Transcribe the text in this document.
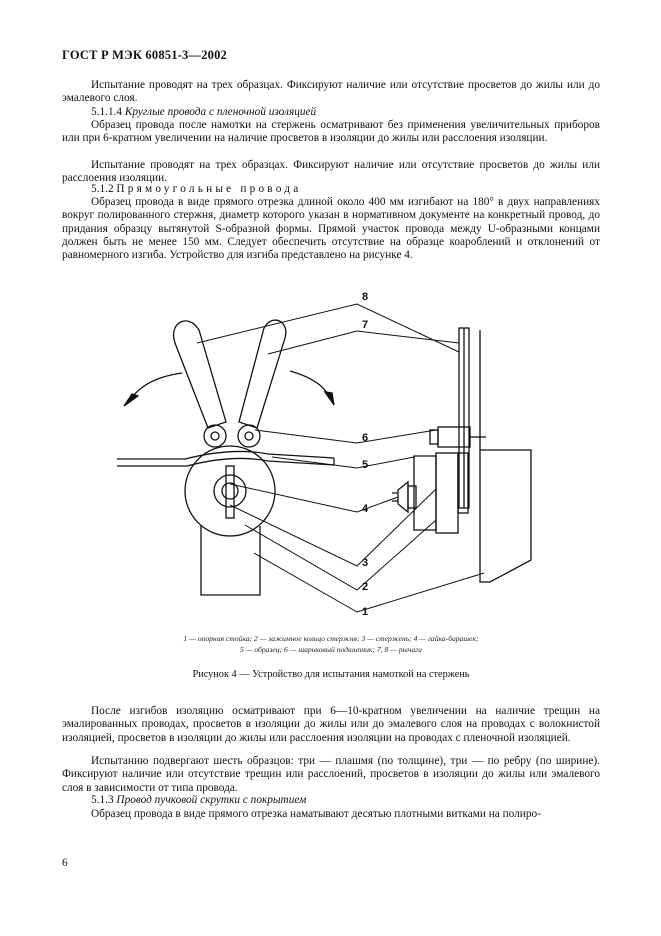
ГОСТ Р МЭК 60851-3—2002

Испытание проводят на трех образцах. Фиксируют наличие или отсутствие просветов до жилы или до эмалевого слоя.

5.1.1.4 Круглые провода с пленочной изоляцией

Образец провода после намотки на стержень осматривают без применения увеличительных приборов или при 6-кратном увеличении на наличие просветов в изоляции до жилы или расслоения изоляции.

Испытание проводят на трех образцах. Фиксируют наличие или отсутствие просветов до жилы или расслоения изоляции.

5.1.2 Прямоугольные провода

Образец провода в виде прямого отрезка длиной около 400 мм изгибают на 180° в двух направлениях вокруг полированного стержня, диаметр которого указан в нормативном документе на конкретный провод, до придания образцу вытянутой S-образной формы. Прямой участок провода между U-образными концами должен быть не менее 150 мм. Следует обеспечить отсутствие на образце коароблений и отклонений от равномерного изгиба. Устройство для изгиба представлено на рисунке 4.

8
7
6
5
4
3
2
1
1 — опорная стойка; 2 — зажимное кольцо стержня; 3 — стержень; 4 — гайка-барашек;
5 — образец; 6 — шариковый подшипник; 7, 8 — рычаги
Рисунок 4 — Устройство для испытания намоткой на стержень

После изгибов изоляцию осматривают при 6—10-кратном увеличении на наличие трещин на эмалированных проводах, просветов в изоляции до жилы или до эмалевого слоя на проводах с волокнистой изоляцией, просветов в изоляции до жилы или расслоения изоляции на проводах с пленочной изоляцией.

Испытанию подвергают шесть образцов: три — плашмя (по толщине), три — по ребру (по ширине). Фиксируют наличие или отсутствие трещин или расслоений, просветов в изоляции до жилы или эмалевого слоя в зависимости от типа провода.

5.1.3 Провод пучковой скрутки с покрытием

Образец провода в виде прямого отрезка наматывают десятью плотными витками на полиро-

6
